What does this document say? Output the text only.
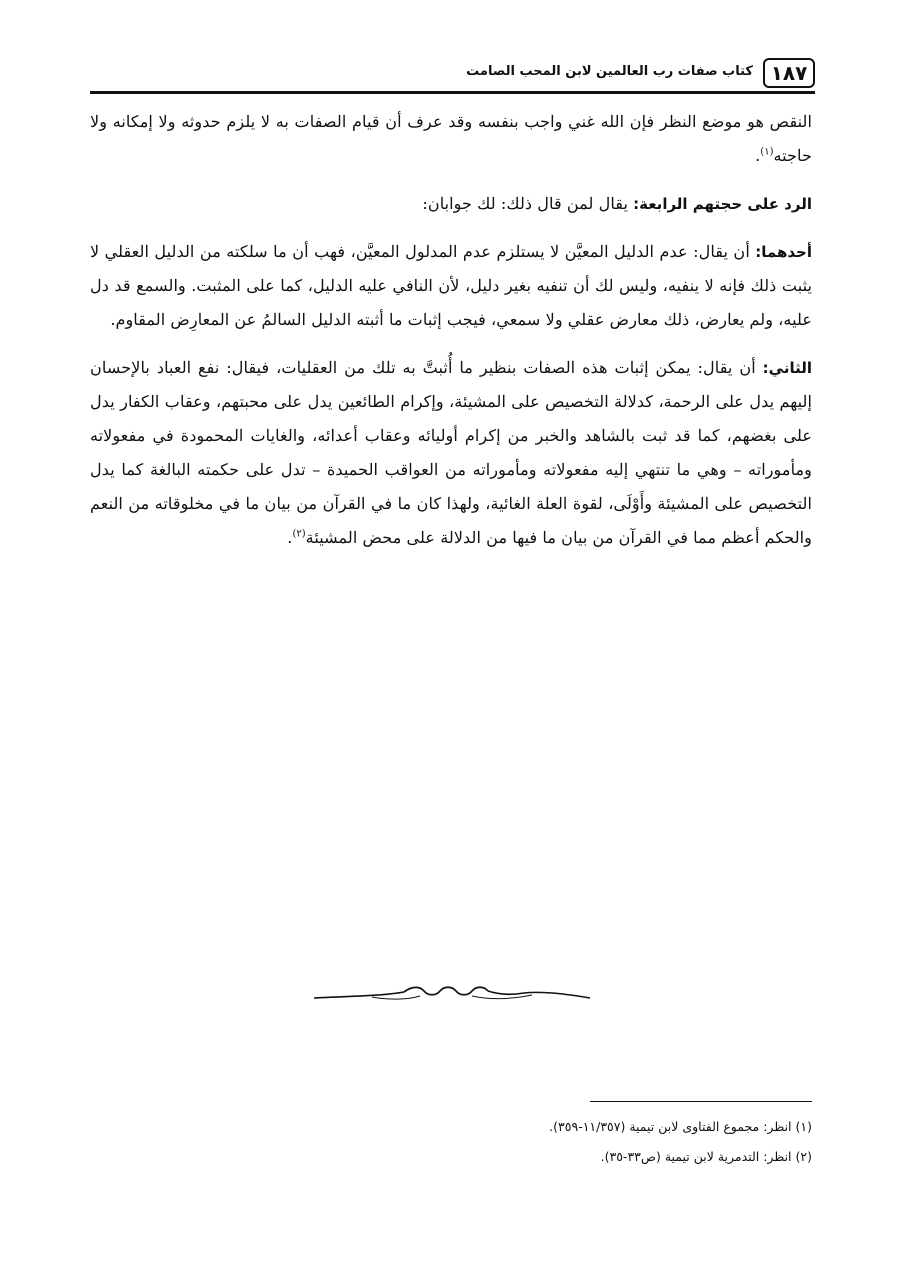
١٨٧
كتاب صفات رب العالمين لابن المحب الصامت

النقص هو موضع النظر فإن الله غني واجب بنفسه وقد عرف أن قيام الصفات به لا يلزم حدوثه ولا إمكانه ولا حاجته$^{(١)}$.

الرد على حجتهم الرابعة: يقال لمن قال ذلك: لك جوابان:

أحدهما: أن يقال: عدم الدليل المعيَّن لا يستلزم عدم المدلول المعيَّن، فهب أن ما سلكته من الدليل العقلي لا يثبت ذلك فإنه لا ينفيه، وليس لك أن تنفيه بغير دليل، لأن النافي عليه الدليل، كما على المثبت. والسمع قد دل عليه، ولم يعارض، ذلك معارض عقلي ولا سمعي، فيجب إثبات ما أثبته الدليل السالمُ عن المعارِض المقاوم.

الثاني: أن يقال: يمكن إثبات هذه الصفات بنظير ما أُثبتَّ به تلك من العقليات، فيقال: نفع العباد بالإحسان إليهم يدل على الرحمة، كدلالة التخصيص على المشيئة، وإكرام الطائعين يدل على محبتهم، وعقاب الكفار يدل على بغضهم، كما قد ثبت بالشاهد والخبر من إكرام أوليائه وعقاب أعدائه، والغايات المحمودة في مفعولاته ومأموراته – وهي ما تنتهي إليه مفعولاته ومأموراته من العواقب الحميدة – تدل على حكمته البالغة كما يدل التخصيص على المشيئة وأَوْلَى، لقوة العلة الغائية، ولهذا كان ما في القرآن من بيان ما في مخلوقاته من النعم والحكم أعظم مما في القرآن من بيان ما فيها من الدلالة على محض المشيئة$^{(٢)}$.

(١) انظر: مجموع الفتاوى لابن تيمية (١١/٣٥٧-٣٥٩).
(٢) انظر: التدمرية لابن تيمية (ص٣٣-٣٥).
